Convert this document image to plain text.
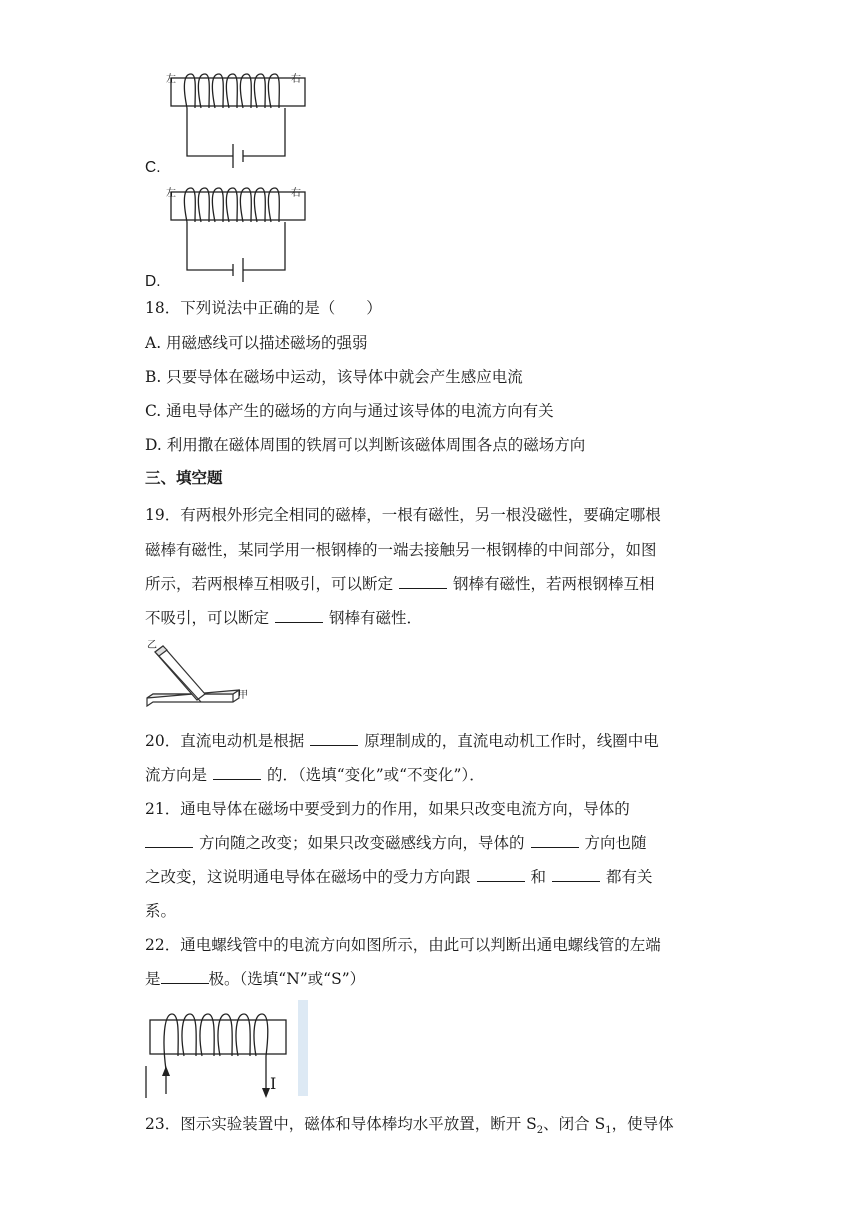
左	右
C.
左	右
D.
18．下列说法中正确的是（　　）
A. 用磁感线可以描述磁场的强弱
B. 只要导体在磁场中运动，该导体中就会产生感应电流
C. 通电导体产生的磁场的方向与通过该导体的电流方向有关
D. 利用撒在磁体周围的铁屑可以判断该磁体周围各点的磁场方向
三、填空题
19．有两根外形完全相同的磁棒，一根有磁性，另一根没磁性，要确定哪根
磁棒有磁性，某同学用一根钢棒的一端去接触另一根钢棒的中间部分，如图
所示，若两根棒互相吸引，可以断定	钢棒有磁性，若两根钢棒互相
不吸引，可以断定	钢棒有磁性．
乙
甲
20．直流电动机是根据	原理制成的，直流电动机工作时，线圈中电
流方向是	的．（选填“变化”或“不变化”）．
21．通电导体在磁场中要受到力的作用，如果只改变电流方向，导体的
方向随之改变；如果只改变磁感线方向，导体的	方向也随
之改变，这说明通电导体在磁场中的受力方向跟	和	都有关
系。
22．通电螺线管中的电流方向如图所示，由此可以判断出通电螺线管的左端
是	极。（选填“N”或“S”）
I
23．图示实验装置中，磁体和导体棒均水平放置，断开 $S_2$、闭合 $S_1$，使导体
